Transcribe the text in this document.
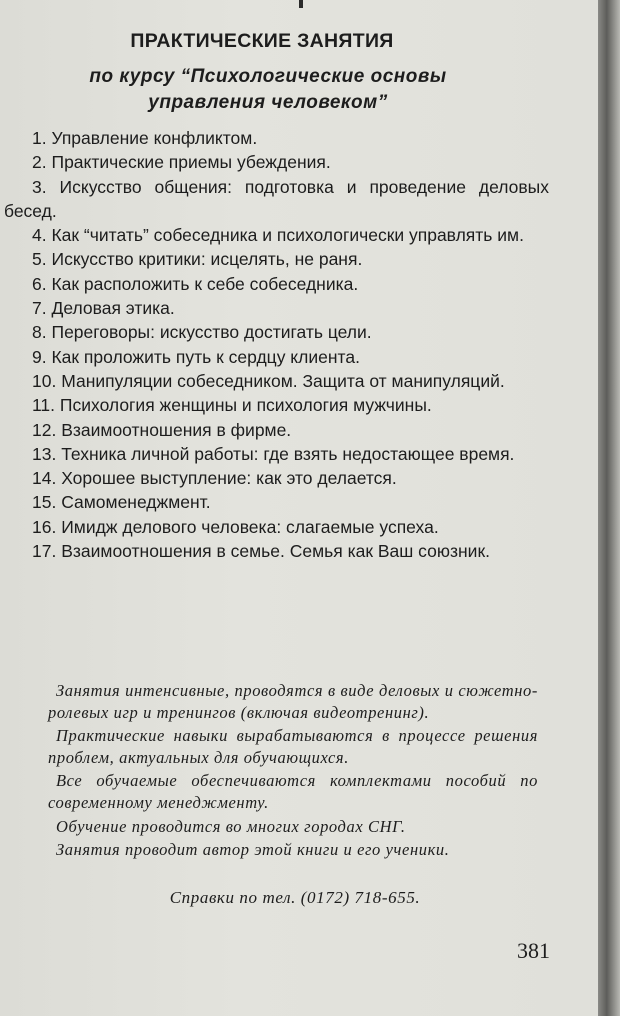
ПРАКТИЧЕСКИЕ ЗАНЯТИЯ
по курсу “Психологические основы
управления человеком”
1. Управление конфликтом.
2. Практические приемы убеждения.
3. Искусство общения: подготовка и проведение деловых бесед.
4. Как “читать” собеседника и психологически управлять им.
5. Искусство критики: исцелять, не раня.
6. Как расположить к себе собеседника.
7. Деловая этика.
8. Переговоры: искусство достигать цели.
9. Как проложить путь к сердцу клиента.
10. Манипуляции собеседником. Защита от манипуляций.
11. Психология женщины и психология мужчины.
12. Взаимоотношения в фирме.
13. Техника личной работы: где взять недостающее время.
14. Хорошее выступление: как это делается.
15. Самоменеджмент.
16. Имидж делового человека: слагаемые успеха.
17. Взаимоотношения в семье. Семья как Ваш союзник.

Занятия интенсивные, проводятся в виде деловых и сюжетно-ролевых игр и тренингов (включая видеотренинг).

Практические навыки вырабатываются в процессе решения проблем, актуальных для обучающихся.

Все обучаемые обеспечиваются комплектами пособий по современному менеджменту.

Обучение проводится во многих городах СНГ.

Занятия проводит автор этой книги и его ученики.

Справки по тел. (0172) 718-655.
381
